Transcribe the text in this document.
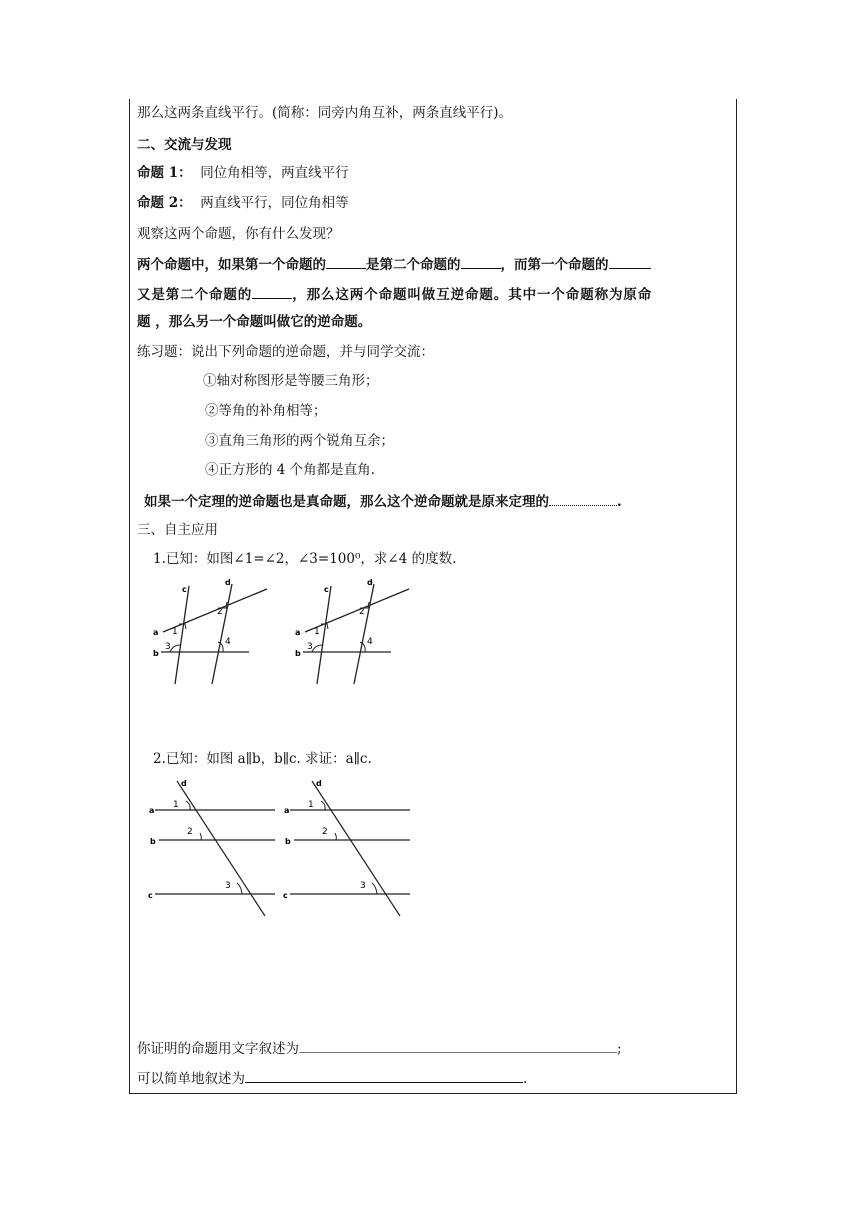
那么这两条直线平行。(简称：同旁内角互补，两条直线平行)。
二、交流与发现
命题 1： 同位角相等，两直线平行
命题 2： 两直线平行，同位角相等
观察这两个命题，你有什么发现？
两个命题中，如果第一个命题的	是第二个命题的	，而第一个命题的
又是第二个命题的	，那么这两个命题叫做互逆命题。其中一个命题称为原命
题 ，那么另一个命题叫做它的逆命题。
练习题：说出下列命题的逆命题，并与同学交流：
①轴对称图形是等腰三角形；
②等角的补角相等；
③直角三角形的两个锐角互余；
④正方形的 4 个角都是直角.
如果一个定理的逆命题也是真命题，那么这个逆命题就是原来定理的	.
三、自主应用
1.已知：如图∠1=∠2，∠3=100⁰，求∠4 的度数.
a
b
c
d
1
2
3	4
a
b
c
d
1
2
3	4
2.已知：如图 a∥b，b∥c. 求证：a∥c.
a
b
c
d
1
2
3
a
b
c
d
1
2
3
你证明的命题用文字叙述为	;
可以简单地叙述为	.
